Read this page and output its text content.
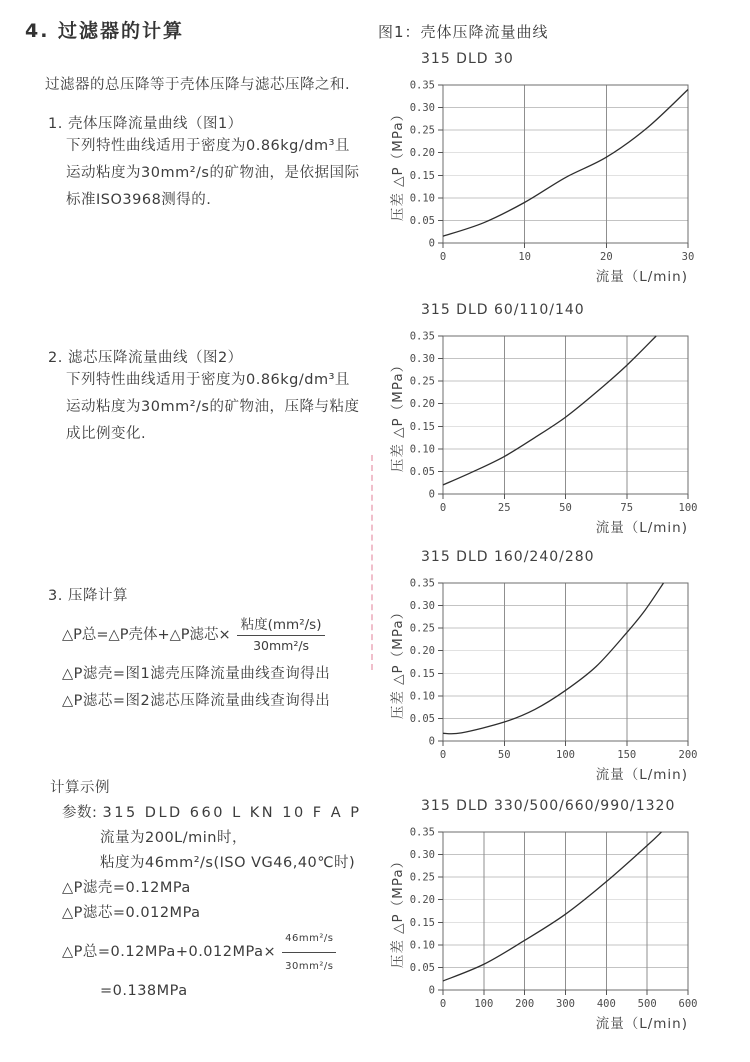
4. 过滤器的计算

过滤器的总压降等于壳体压降与滤芯压降之和.

1. 壳体压降流量曲线（图1）
下列特性曲线适用于密度为0.86kg/dm³且
运动粘度为30mm²/s的矿物油，是依据国际
标准ISO3968测得的.
2. 滤芯压降流量曲线（图2）
下列特性曲线适用于密度为0.86kg/dm³且
运动粘度为30mm²/s的矿物油，压降与粘度
成比例变化.
3. 压降计算
△P总=△P壳体+△P滤芯× $\frac{\text{粘度(mm²/s)}}{\text{30mm²/s}}$
△P滤壳=图1滤壳压降流量曲线查询得出
△P滤芯=图2滤芯压降流量曲线查询得出
计算示例
参数: 315 DLD 660 L KN 10 F A P
流量为200L/min时，
粘度为46mm²/s(ISO VG46,40℃时)
△P滤壳=0.12MPa
△P滤芯=0.012MPa
△P总$=0.12MPa+0.012MPa\times \frac{\text{46mm²/s}}{\text{30mm²/s}}$
=0.138MPa
图1：壳体压降流量曲线
315 DLD 30
0
0.05
0.10
0.15
0.20
0.25
0.30
0.35
0	10	20	30
压差 △P（MPa）
流量（L/min)
315 DLD 60/110/140
0
0.05
0.10
0.15
0.20
0.25
0.30
0.35
0	25	50	75	100
压差 △P（MPa）
流量（L/min)
315 DLD 160/240/280
0
0.05
0.10
0.15
0.20
0.25
0.30
0.35
0	50	100	150	200
压差 △P（MPa）
流量（L/min)
315 DLD 330/500/660/990/1320
0
0.05
0.10
0.15
0.20
0.25
0.30
0.35
0	100 200 300 400 500 600
压差 △P（MPa）
流量（L/min)
